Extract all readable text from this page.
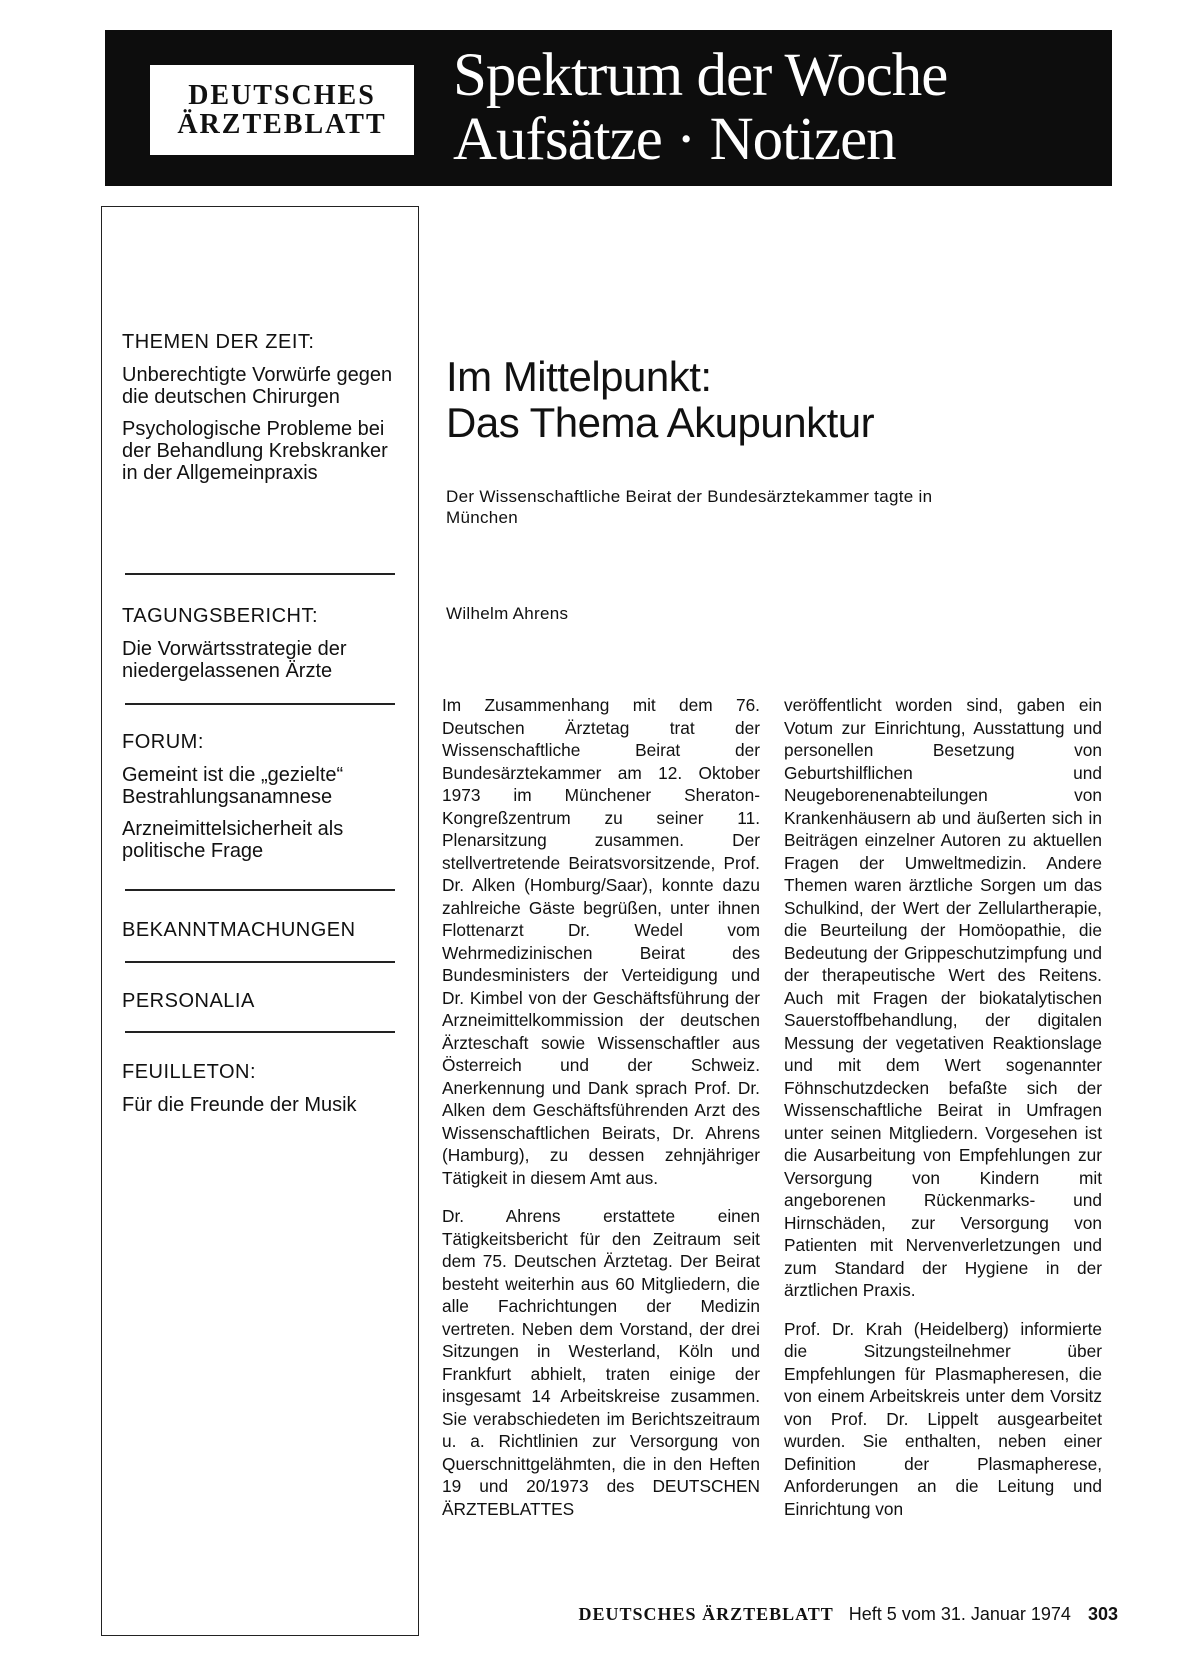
DEUTSCHES
ÄRZTEBLATT
Spektrum der Woche
Aufsätze · Notizen
THEMEN DER ZEIT:
Unberechtigte Vorwürfe gegen die deutschen Chirurgen
Psychologische Probleme bei der Behandlung Krebskranker in der Allgemeinpraxis
TAGUNGSBERICHT:
Die Vorwärtsstrategie der niedergelassenen Ärzte
FORUM:
Gemeint ist die „gezielte“ Bestrahlungsanamnese
Arzneimittelsicherheit als politische Frage
BEKANNTMACHUNGEN
PERSONALIA
FEUILLETON:
Für die Freunde der Musik
Im Mittelpunkt:
Das Thema Akupunktur
Der Wissenschaftliche Beirat der Bundesärztekammer tagte in München
Wilhelm Ahrens

Im Zusammenhang mit dem 76. Deutschen Ärztetag trat der Wissenschaftliche Beirat der Bundesärztekammer am 12. Oktober 1973 im Münchener Sheraton-Kongreßzentrum zu seiner 11. Plenarsitzung zusammen. Der stellvertretende Beiratsvorsitzende, Prof. Dr. Alken (Homburg/Saar), konnte dazu zahlreiche Gäste begrüßen, unter ihnen Flottenarzt Dr. Wedel vom Wehrmedizinischen Beirat des Bundesministers der Verteidigung und Dr. Kimbel von der Geschäftsführung der Arzneimittelkommission der deutschen Ärzteschaft sowie Wissenschaftler aus Österreich und der Schweiz. Anerkennung und Dank sprach Prof. Dr. Alken dem Geschäftsführenden Arzt des Wissenschaftlichen Beirats, Dr. Ahrens (Hamburg), zu dessen zehnjähriger Tätigkeit in diesem Amt aus.

Dr. Ahrens erstattete einen Tätigkeitsbericht für den Zeitraum seit dem 75. Deutschen Ärztetag. Der Beirat besteht weiterhin aus 60 Mitgliedern, die alle Fachrichtungen der Medizin vertreten. Neben dem Vorstand, der drei Sitzungen in Westerland, Köln und Frankfurt abhielt, traten einige der insgesamt 14 Arbeitskreise zusammen. Sie verabschiedeten im Berichtszeitraum u. a. Richtlinien zur Versorgung von Querschnittgelähmten, die in den Heften 19 und 20/1973 des DEUTSCHEN ÄRZTEBLATTES

veröffentlicht worden sind, gaben ein Votum zur Einrichtung, Ausstattung und personellen Besetzung von Geburtshilflichen und Neugeborenenabteilungen von Krankenhäusern ab und äußerten sich in Beiträgen einzelner Autoren zu aktuellen Fragen der Umweltmedizin. Andere Themen waren ärztliche Sorgen um das Schulkind, der Wert der Zellulartherapie, die Beurteilung der Homöopathie, die Bedeutung der Grippeschutzimpfung und der therapeutische Wert des Reitens. Auch mit Fragen der biokatalytischen Sauerstoffbehandlung, der digitalen Messung der vegetativen Reaktionslage und mit dem Wert sogenannter Föhnschutzdecken befaßte sich der Wissenschaftliche Beirat in Umfragen unter seinen Mitgliedern. Vorgesehen ist die Ausarbeitung von Empfehlungen zur Versorgung von Kindern mit angeborenen Rückenmarks- und Hirnschäden, zur Versorgung von Patienten mit Nervenverletzungen und zum Standard der Hygiene in der ärztlichen Praxis.

Prof. Dr. Krah (Heidelberg) informierte die Sitzungsteilnehmer über Empfehlungen für Plasmapheresen, die von einem Arbeitskreis unter dem Vorsitz von Prof. Dr. Lippelt ausgearbeitet wurden. Sie enthalten, neben einer Definition der Plasmapherese, Anforderungen an die Leitung und Einrichtung von

DEUTSCHES ÄRZTEBLATT Heft 5 vom 31. Januar 1974 303
